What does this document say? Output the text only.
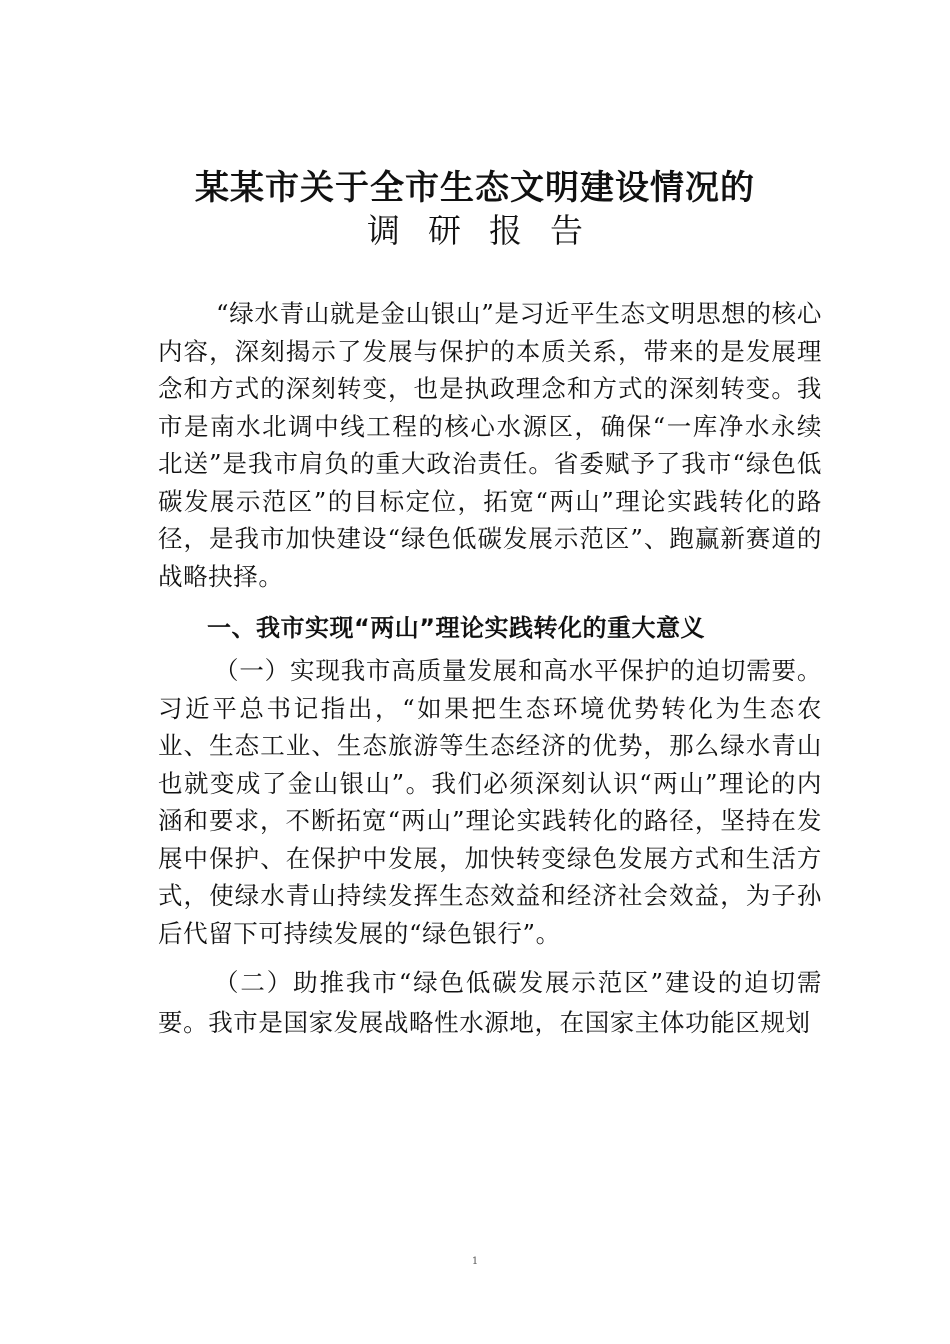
某某市关于全市生态文明建设情况的
调研报告
“绿水青山就是金山银山”是习近平生态文明思想的核心内容，深刻揭示了发展与保护的本质关系，带来的是发展理念和方式的深刻转变，也是执政理念和方式的深刻转变。我市是南水北调中线工程的核心水源区，确保“一库净水永续北送”是我市肩负的重大政治责任。省委赋予了我市“绿色低碳发展示范区”的目标定位，拓宽“两山”理论实践转化的路径，是我市加快建设“绿色低碳发展示范区”、跑赢新赛道的战略抉择。
一、我市实现“两山”理论实践转化的重大意义
（一）实现我市高质量发展和高水平保护的迫切需要。习近平总书记指出，“如果把生态环境优势转化为生态农业、生态工业、生态旅游等生态经济的优势，那么绿水青山也就变成了金山银山”。我们必须深刻认识“两山”理论的内涵和要求，不断拓宽“两山”理论实践转化的路径，坚持在发展中保护、在保护中发展，加快转变绿色发展方式和生活方式，使绿水青山持续发挥生态效益和经济社会效益，为子孙后代留下可持续发展的“绿色银行”。
（二）助推我市“绿色低碳发展示范区”建设的迫切需要。我市是国家发展战略性水源地，在国家主体功能区规划
1
